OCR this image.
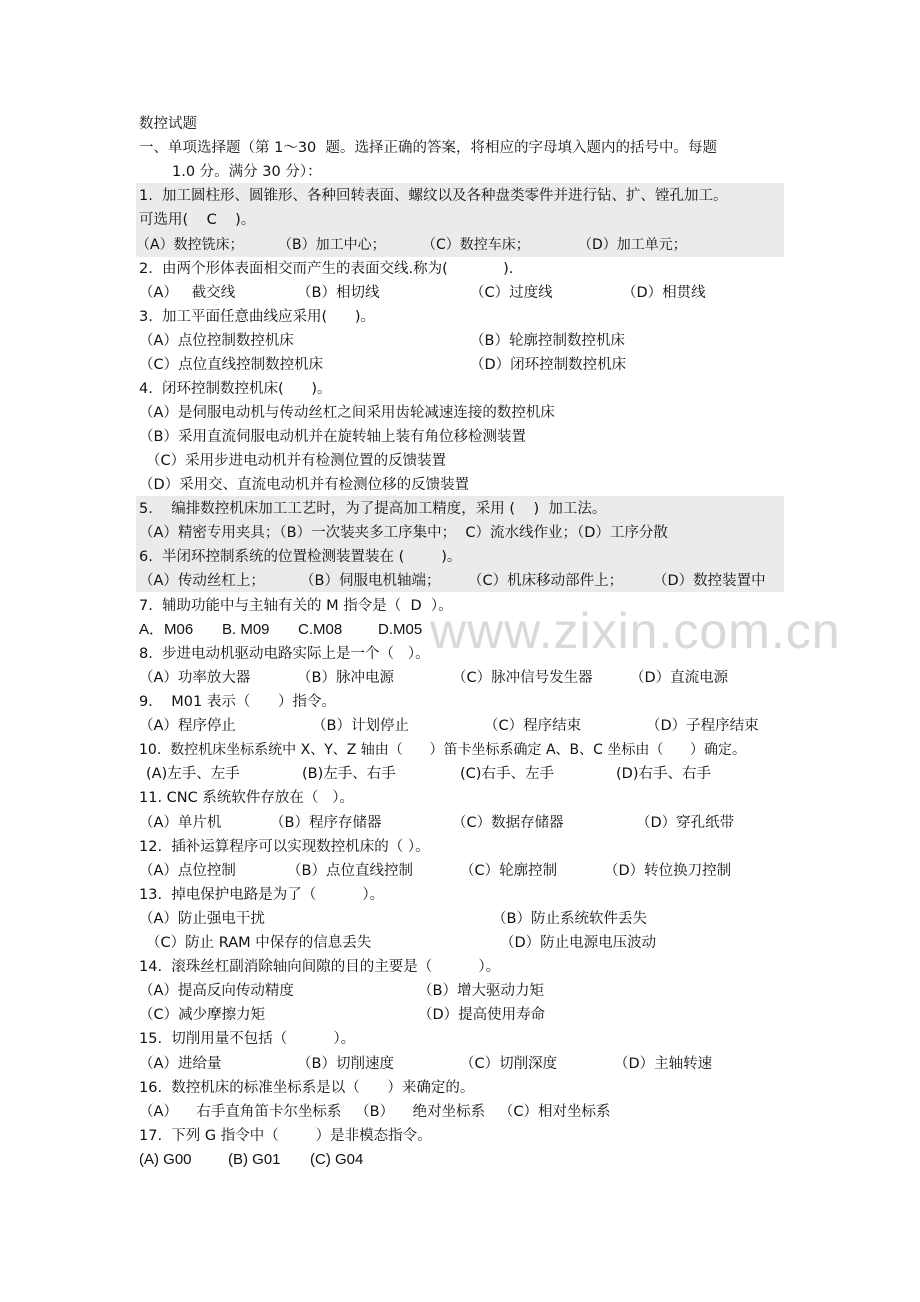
www.zixin.com.cn
数控试题
一、单项选择题（第 1～30  题。选择正确的答案，将相应的字母填入题内的括号中。每题
1.0 分。满分 30 分）：
1.  加工圆柱形、圆锥形、各种回转表面、螺纹以及各种盘类零件并进行钻、扩、镗孔加工。
可选用(    C    )。
（A）数控铣床； （B）加工中心；	（C）数控车床；	（D）加工单元；
2.  由两个形体表面相交而产生的表面交线.称为(            ).
（A）   截交线	（B）相切线	（C）过度线	（D）相贯线
3.  加工平面任意曲线应采用(      )。
（A）点位控制数控机床	（B）轮廓控制数控机床
（C）点位直线控制数控机床	（D）闭环控制数控机床
4.  闭环控制数控机床(      )。
（A）是伺服电动机与传动丝杠之间采用齿轮减速连接的数控机床
（B）采用直流伺服电动机并在旋转轴上装有角位移检测装置
（C）采用步进电动机并有检测位置的反馈装置
（D）采用交、直流电动机并有检测位移的反馈装置
5.    编排数控机床加工工艺时，为了提高加工精度，采用 (    )  加工法。
（A）精密专用夹具；（B）一次装夹多工序集中；  C）流水线作业；（D）工序分散
6.  半闭环控制系统的位置检测装置装在 (        )。
（A）传动丝杠上； （B）伺服电机轴端； （C）机床移动部件上； （D）数控装置中
7.  辅助功能中与主轴有关的 M 指令是（  D  ）。
A．M06 B. M09 C.M08 D.M05
8.  步进电动机驱动电路实际上是一个（   ）。
（A）功率放大器	（B）脉冲电源	（C）脉冲信号发生器	（D）直流电源
9.    M01 表示（      ）指令。
（A）程序停止	（B）计划停止	（C）程序结束	（D）子程序结束
10.  数控机床坐标系统中 X、Y、Z 轴由（      ）笛卡坐标系确定 A、B、C 坐标由（      ）确定。
(A)左手、左手	(B)左手、右手	(C)右手、左手	(D)右手、右手
11. CNC 系统软件存放在（   ）。
（A）单片机	（B）程序存储器	（C）数据存储器	（D）穿孔纸带
12.  插补运算程序可以实现数控机床的（ ）。
（A）点位控制	（B）点位直线控制	（C）轮廓控制	（D）转位换刀控制
13.  掉电保护电路是为了（          ）。
（A）防止强电干扰	（B）防止系统软件丢失
（C）防止 RAM 中保存的信息丢失	（D）防止电源电压波动
14.  滚珠丝杠副消除轴向间隙的目的主要是（          ）。
（A）提高反向传动精度	（B）增大驱动力矩
（C）减少摩擦力矩	（D）提高使用寿命
15.  切削用量不包括（          ）。
（A）进给量	（B）切削速度	（C）切削深度	（D）主轴转速
16.  数控机床的标准坐标系是以（      ）来确定的。
（A）    右手直角笛卡尔坐标系   （B）    绝对坐标系   （C）相对坐标系
17.  下列 G 指令中（        ）是非模态指令。
(A) G00 (B) G01 (C) G04
